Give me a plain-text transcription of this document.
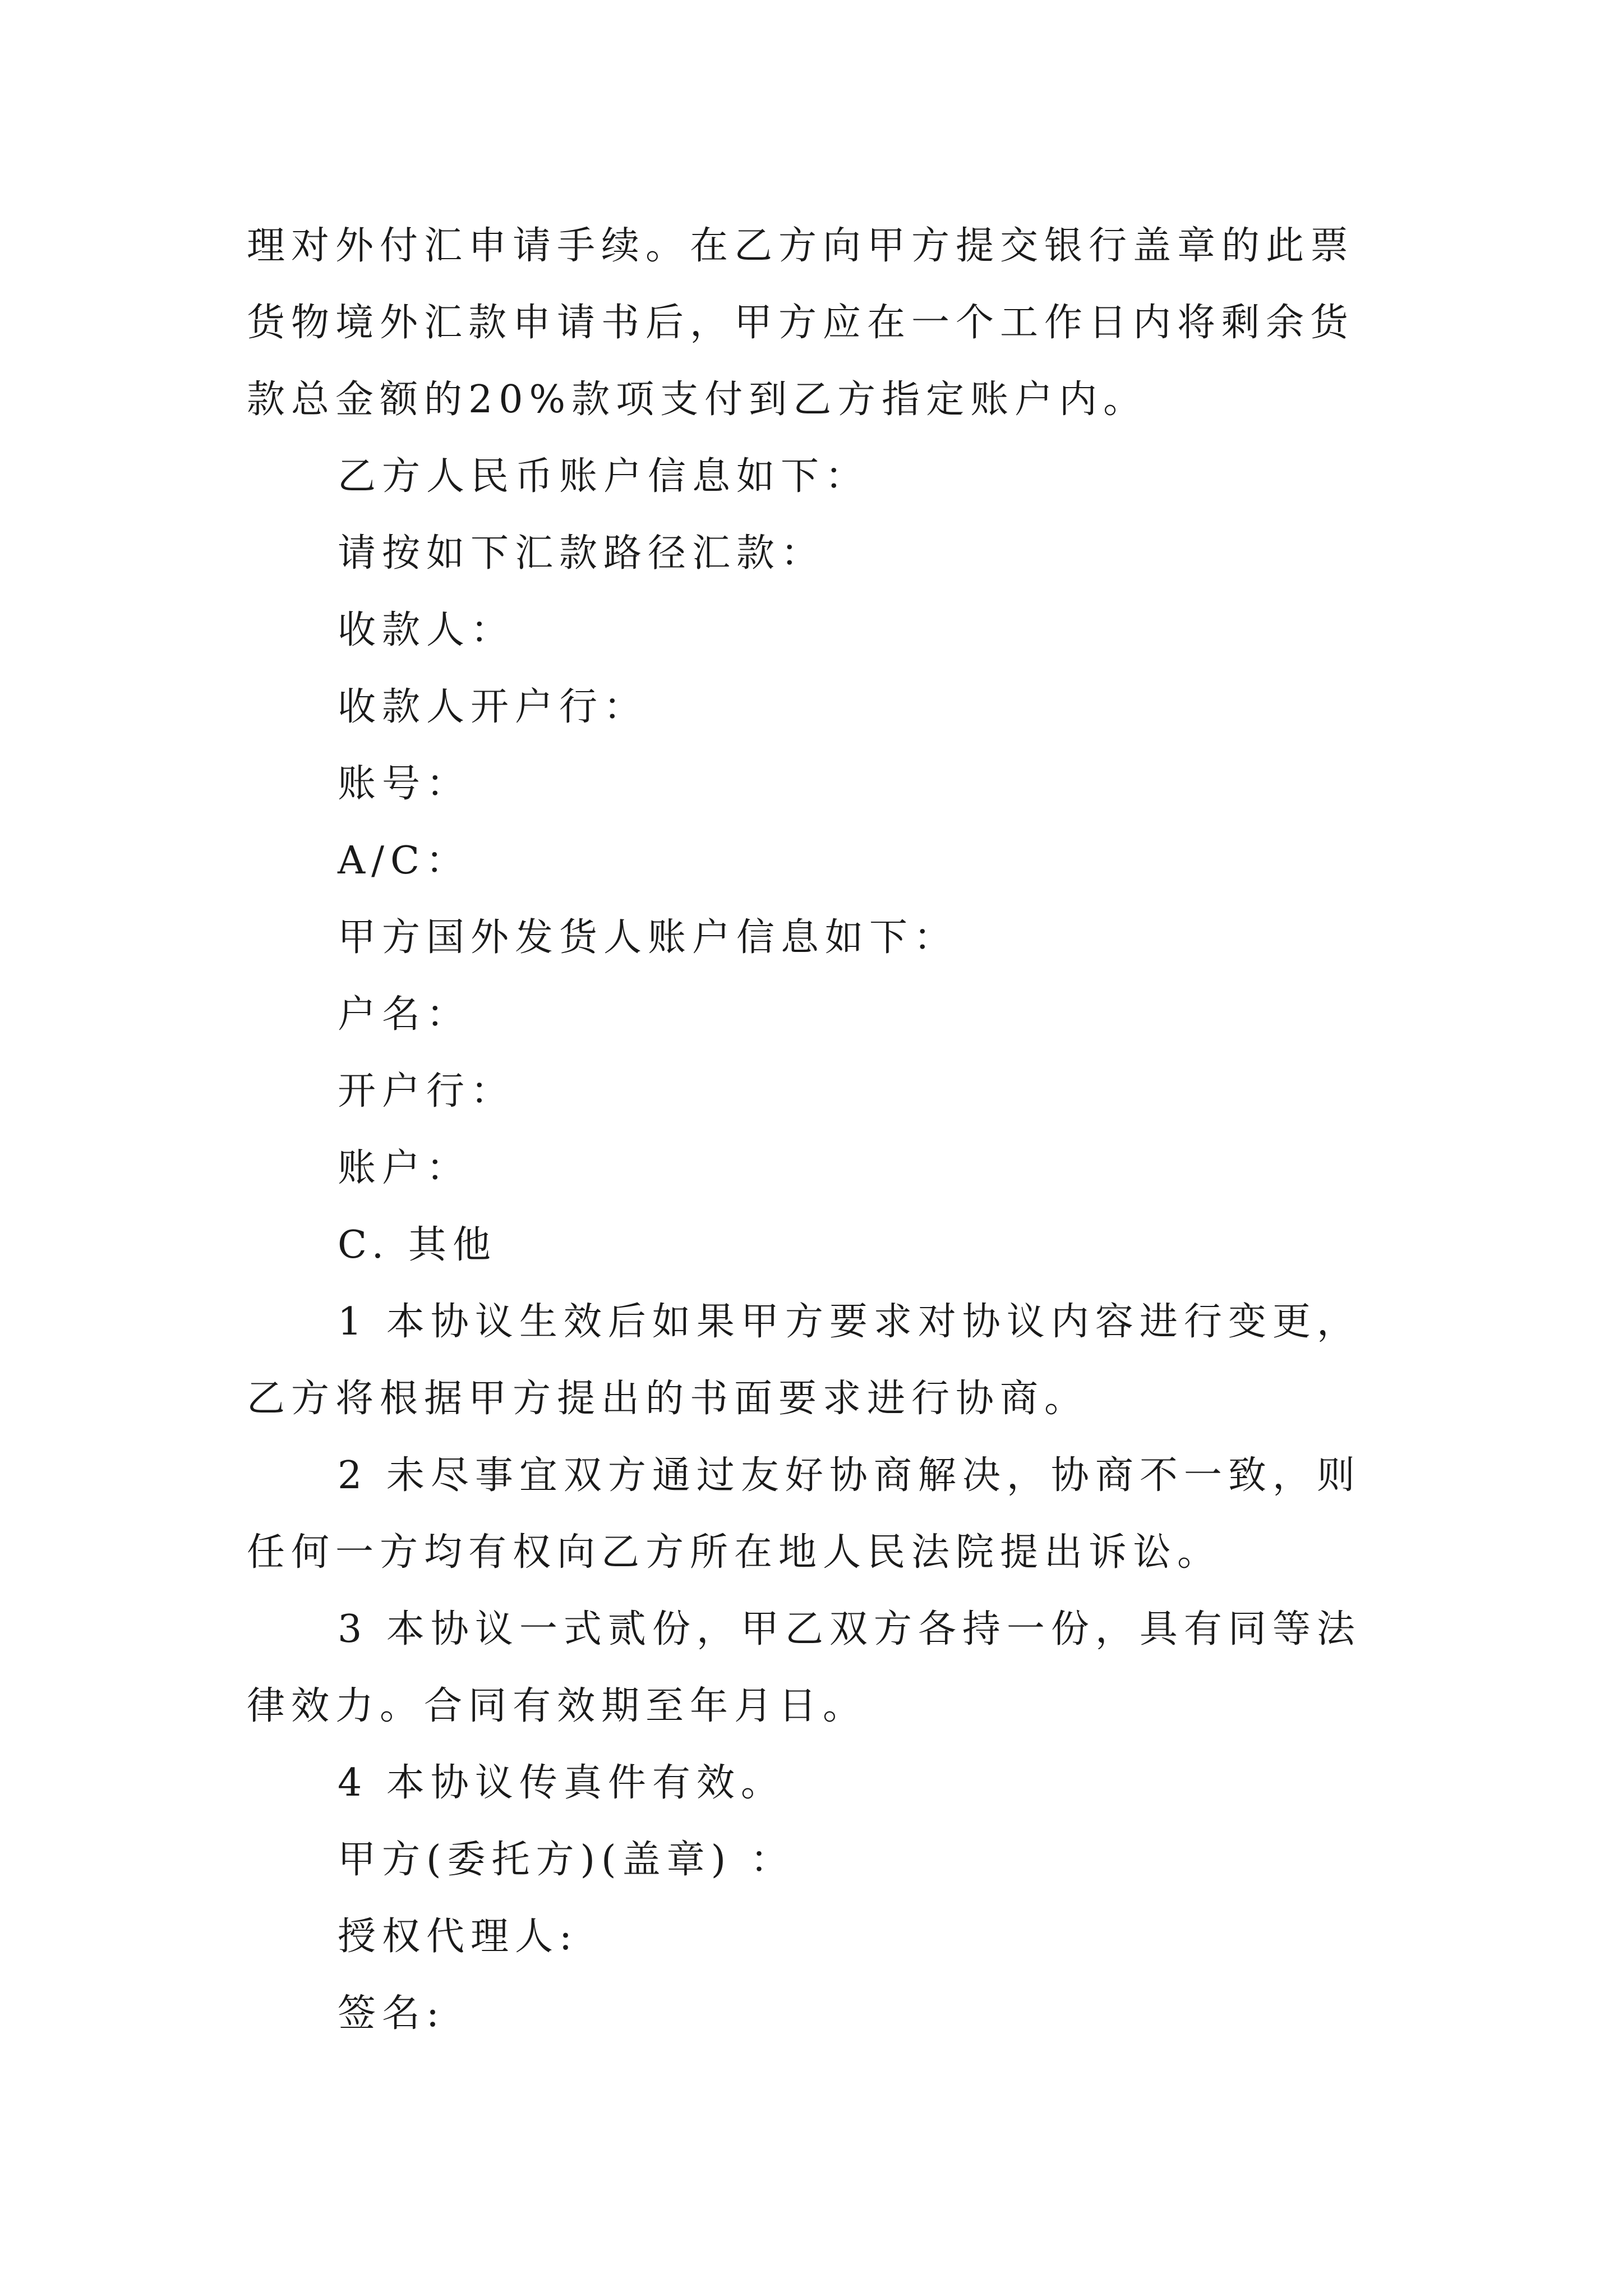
理对外付汇申请手续。在乙方向甲方提交银行盖章的此票货物境外汇款申请书后，甲方应在一个工作日内将剩余货款总金额的20%款项支付到乙方指定账户内。

乙方人民币账户信息如下：

请按如下汇款路径汇款：

收款人：

收款人开户行：

账号：

A/C：

甲方国外发货人账户信息如下：

户名：

开户行：

账户：

C. 其他

1 本协议生效后如果甲方要求对协议内容进行变更，乙方将根据甲方提出的书面要求进行协商。

2 未尽事宜双方通过友好协商解决，协商不一致，则任何一方均有权向乙方所在地人民法院提出诉讼。

3 本协议一式贰份，甲乙双方各持一份，具有同等法律效力。合同有效期至年月日。

4 本协议传真件有效。

甲方(委托方)(盖章) ：

授权代理人:

签名:
